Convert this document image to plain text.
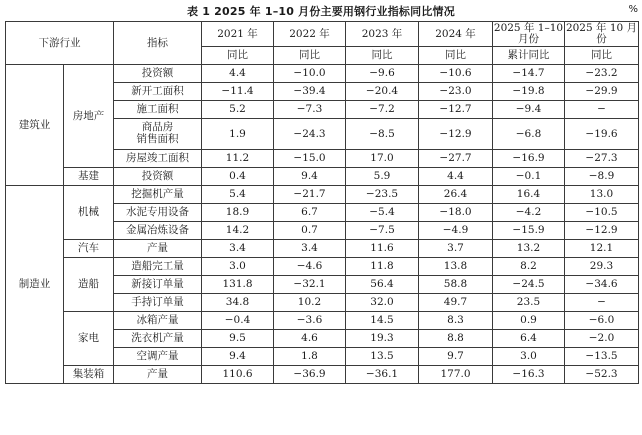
表 1 2025 年 1–10 月份主要用钢行业指标同比情况	%
下游行业		指标	2021 年	2022 年	2023 年	2024 年	2025 年 1–10 月份	2025 年 10 月份
			同比	同比	同比	同比	累计同比	同比
建筑业	房地产	投资额	4.4	−10.0	−9.6	−10.6	−14.7	−23.2
		新开工面积	−11.4	−39.4	−20.4	−23.0	−19.8	−29.9
		施工面积	5.2	−7.3	−7.2	−12.7	−9.4	−
		商品房
销售面积	1.9	−24.3	−8.5	−12.9	−6.8	−19.6
		房屋竣工面积	11.2	−15.0	17.0	−27.7	−16.9	−27.3
	基建	投资额	0.4	9.4	5.9	4.4	−0.1	−8.9
制造业	机械	挖掘机产量	5.4	−21.7	−23.5	26.4	16.4	13.0
		水泥专用设备	18.9	6.7	−5.4	−18.0	−4.2	−10.5
		金属冶炼设备	14.2	0.7	−7.5	−4.9	−15.9	−12.9
	汽车	产量	3.4	3.4	11.6	3.7	13.2	12.1
	造船	造船完工量	3.0	−4.6	11.8	13.8	8.2	29.3
		新接订单量	131.8	−32.1	56.4	58.8	−24.5	−34.6
		手持订单量	34.8	10.2	32.0	49.7	23.5	−
	家电	冰箱产量	−0.4	−3.6	14.5	8.3	0.9	−6.0
		洗衣机产量	9.5	4.6	19.3	8.8	6.4	−2.0
		空调产量	9.4	1.8	13.5	9.7	3.0	−13.5
	集装箱	产量	110.6	−36.9	−36.1	177.0	−16.3	−52.3
